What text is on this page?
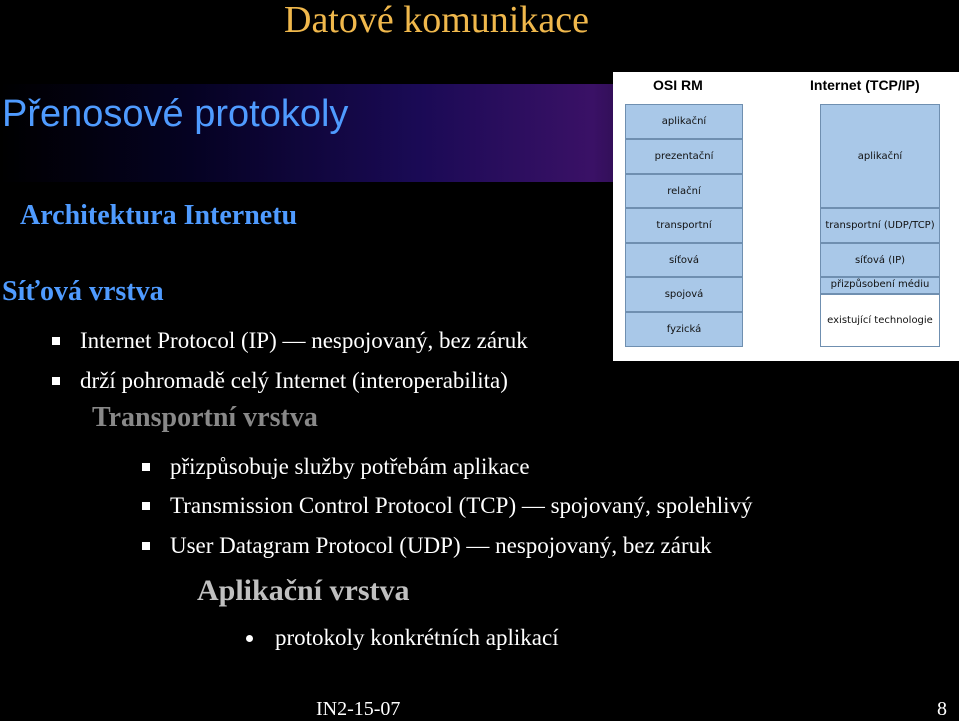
Datové komunikace
Přenosové protokoly
Architektura Internetu
Síťová vrstva
Internet Protocol (IP) — nespojovaný, bez záruk
drží pohromadě celý Internet (interoperabilita)
Transportní vrstva
přizpůsobuje služby potřebám aplikace
Transmission Control Protocol (TCP) — spojovaný, spolehlivý
User Datagram Protocol (UDP) — nespojovaný, bez záruk
Aplikační vrstva
protokoly konkrétních aplikací
OSI RM	Internet (TCP/IP)
aplikační
prezentační
relační
transportní
síťová
spojová
fyzická
aplikační
transportní (UDP/TCP)
síťová (IP)
přizpůsobení médiu
existující technologie
IN2-15-07	8
